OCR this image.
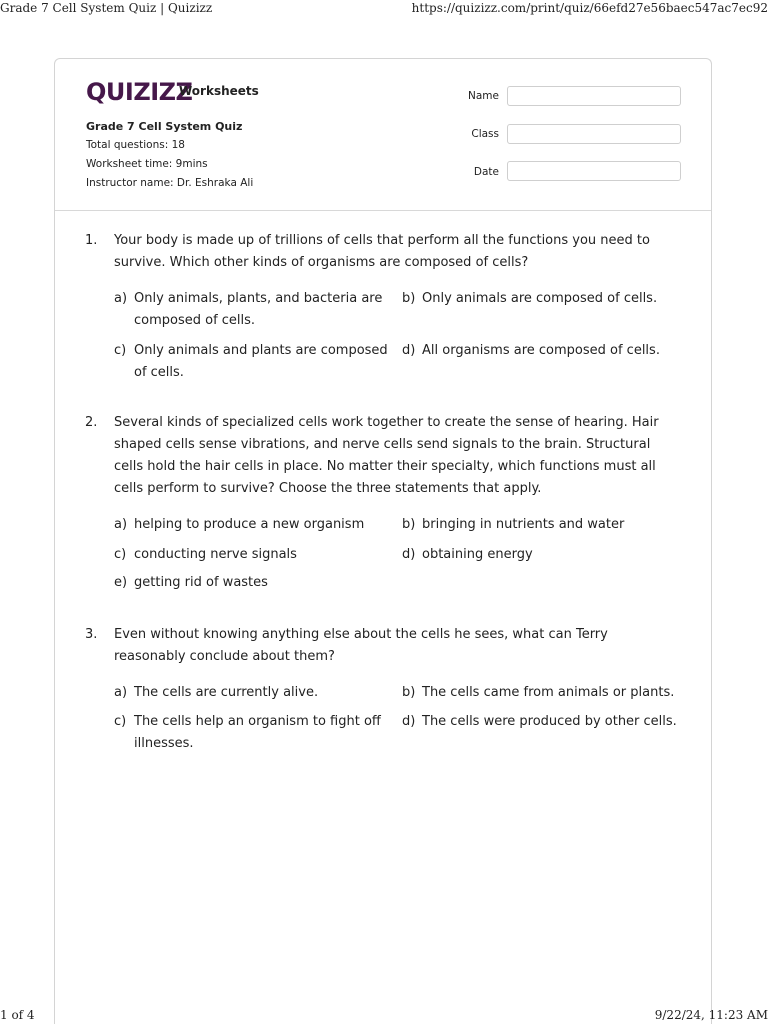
Grade 7 Cell System Quiz | Quizizz	https://quizizz.com/print/quiz/66efd27e56baec547ac7ec92
QUIZIZZ
Worksheets
Grade 7 Cell System Quiz
Total questions: 18
Worksheet time: 9mins
Instructor name: Dr. Eshraka Ali
Name
Class
Date
1. Your body is made up of trillions of cells that perform all the functions you need to survive. Which other kinds of organisms are composed of cells?
a) Only animals, plants, and bacteria are composed of cells.
b) Only animals are composed of cells.
c) Only animals and plants are composed of cells.
d) All organisms are composed of cells.
2. Several kinds of specialized cells work together to create the sense of hearing. Hair shaped cells sense vibrations, and nerve cells send signals to the brain. Structural cells hold the hair cells in place. No matter their specialty, which functions must all cells perform to survive? Choose the three statements that apply.
a) helping to produce a new organism	b) bringing in nutrients and water
c) conducting nerve signals	d) obtaining energy
e) getting rid of wastes
3. Even without knowing anything else about the cells he sees, what can Terry reasonably conclude about them?
a) The cells are currently alive.	b) The cells came from animals or plants.
c) The cells help an organism to fight off illnesses.
d) The cells were produced by other cells.
1 of 4	9/22/24, 11:23 AM
